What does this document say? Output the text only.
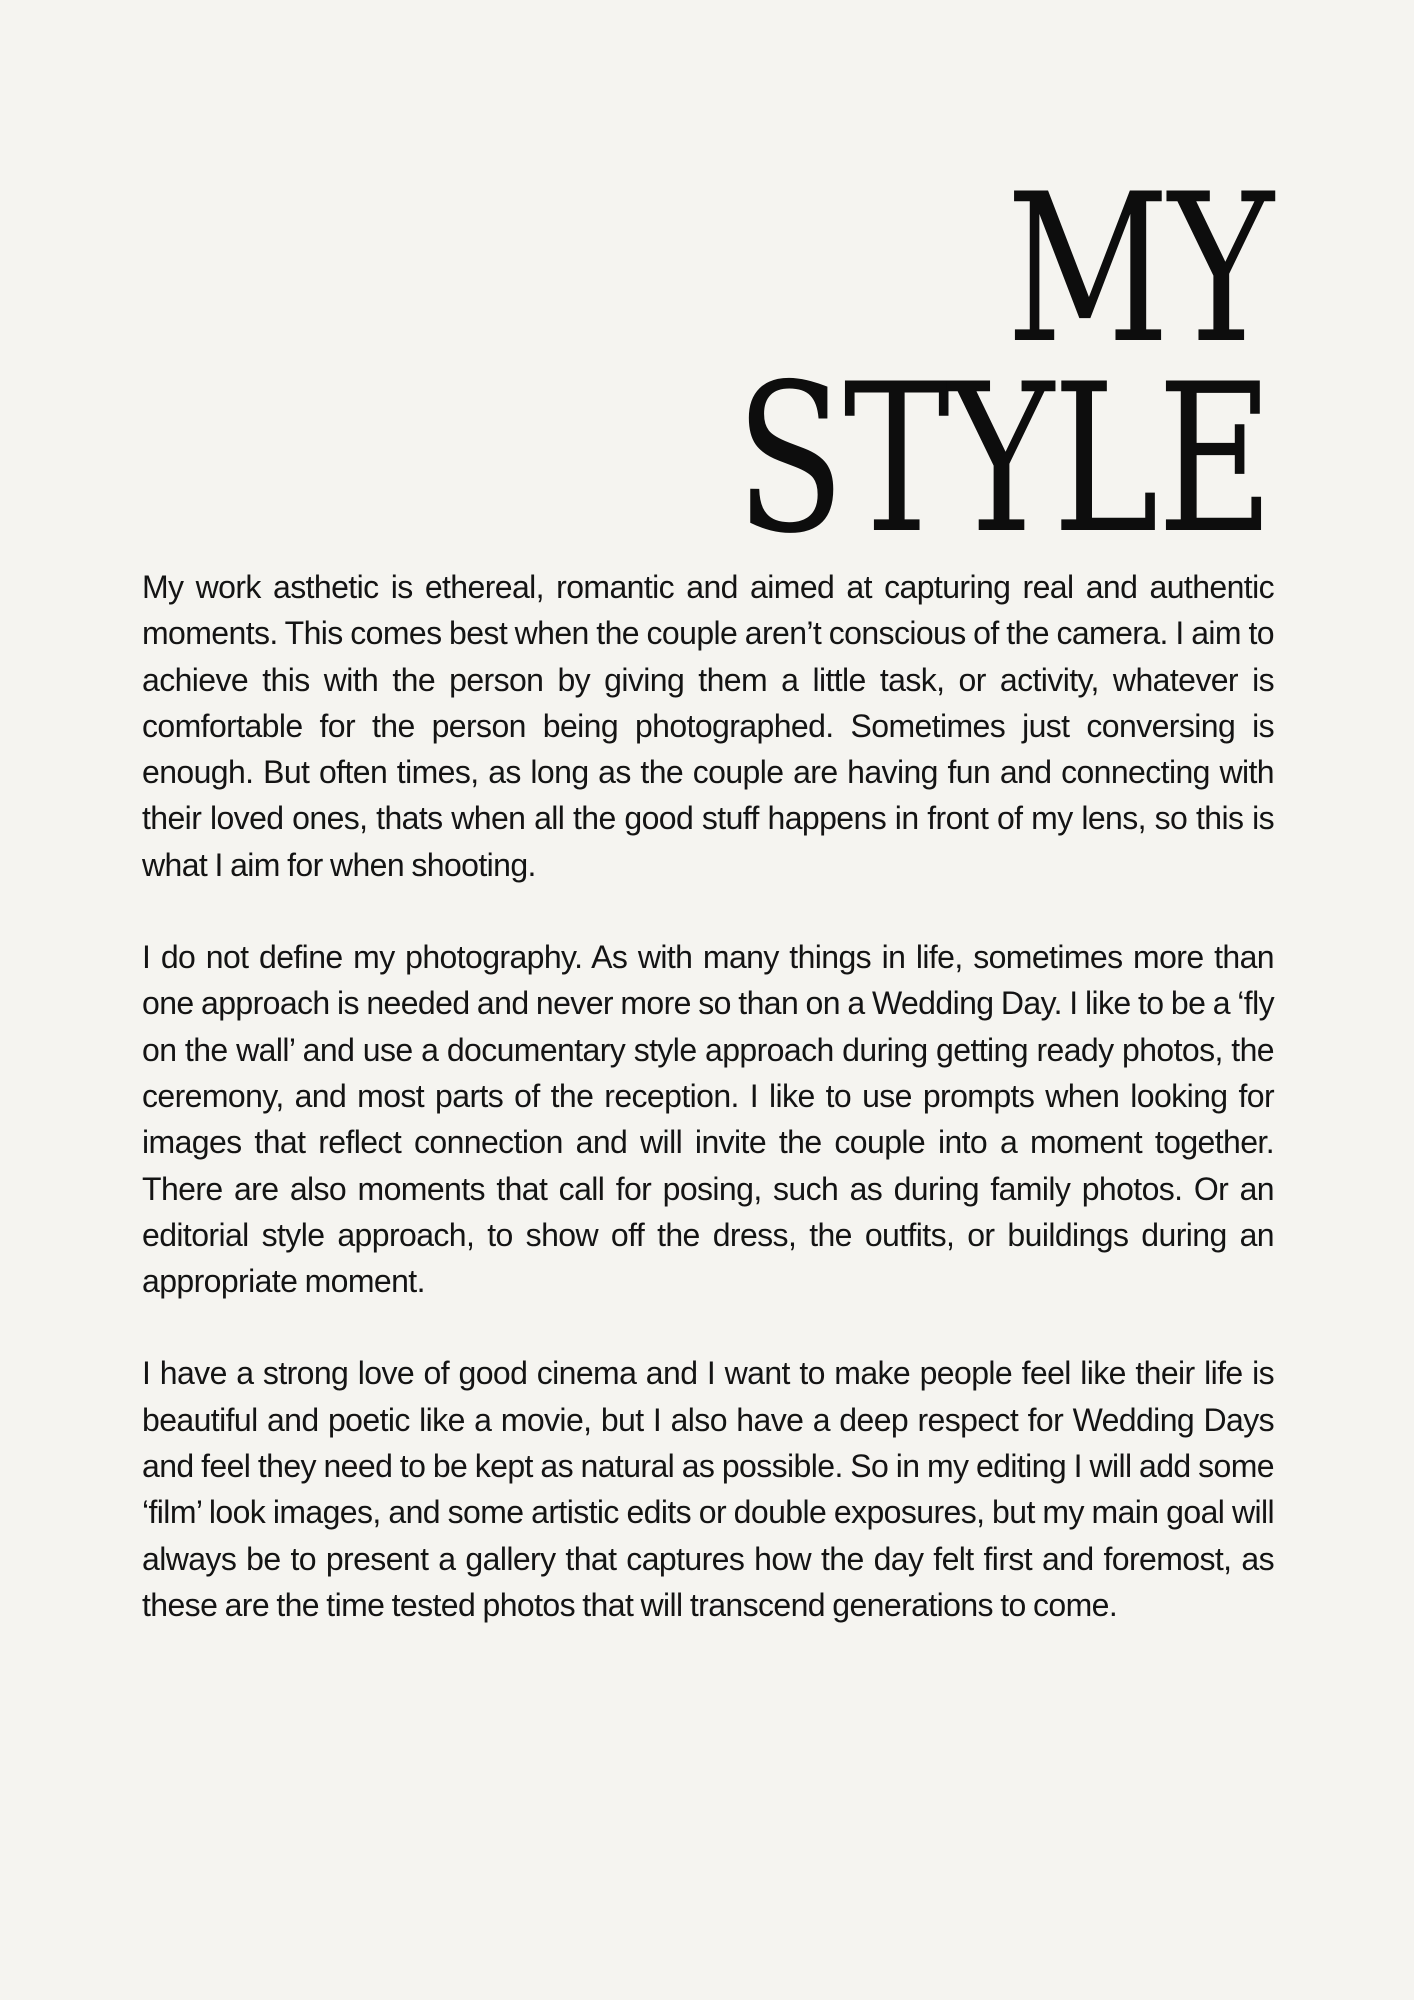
MY
STYLE

My work asthetic is ethereal, romantic and aimed at capturing real and authentic moments. This comes best when the couple aren’t conscious of the camera. I aim to achieve this with the person by giving them a little task, or activity, whatever is comfortable for the person being photographed. Sometimes just conversing is enough. But often times, as long as the couple are having fun and connecting with their loved ones, thats when all the good stuff happens in front of my lens, so this is what I aim for when shooting.

I do not define my photography. As with many things in life, sometimes more than one approach is needed and never more so than on a Wedding Day. I like to be a ‘fly on the wall’ and use a documentary style approach during getting ready photos, the ceremony, and most parts of the reception. I like to use prompts when looking for images that reflect connection and will invite the couple into a moment together. There are also moments that call for posing, such as during family photos. Or an editorial style approach, to show off the dress, the outfits, or buildings during an appropriate moment.

I have a strong love of good cinema and I want to make people feel like their life is beautiful and poetic like a movie, but I also have a deep respect for Wedding Days and feel they need to be kept as natural as possible. So in my editing I will add some ‘film’ look images, and some artistic edits or double exposures, but my main goal will always be to present a gallery that captures how the day felt first and foremost, as these are the time tested photos that will transcend generations to come.
